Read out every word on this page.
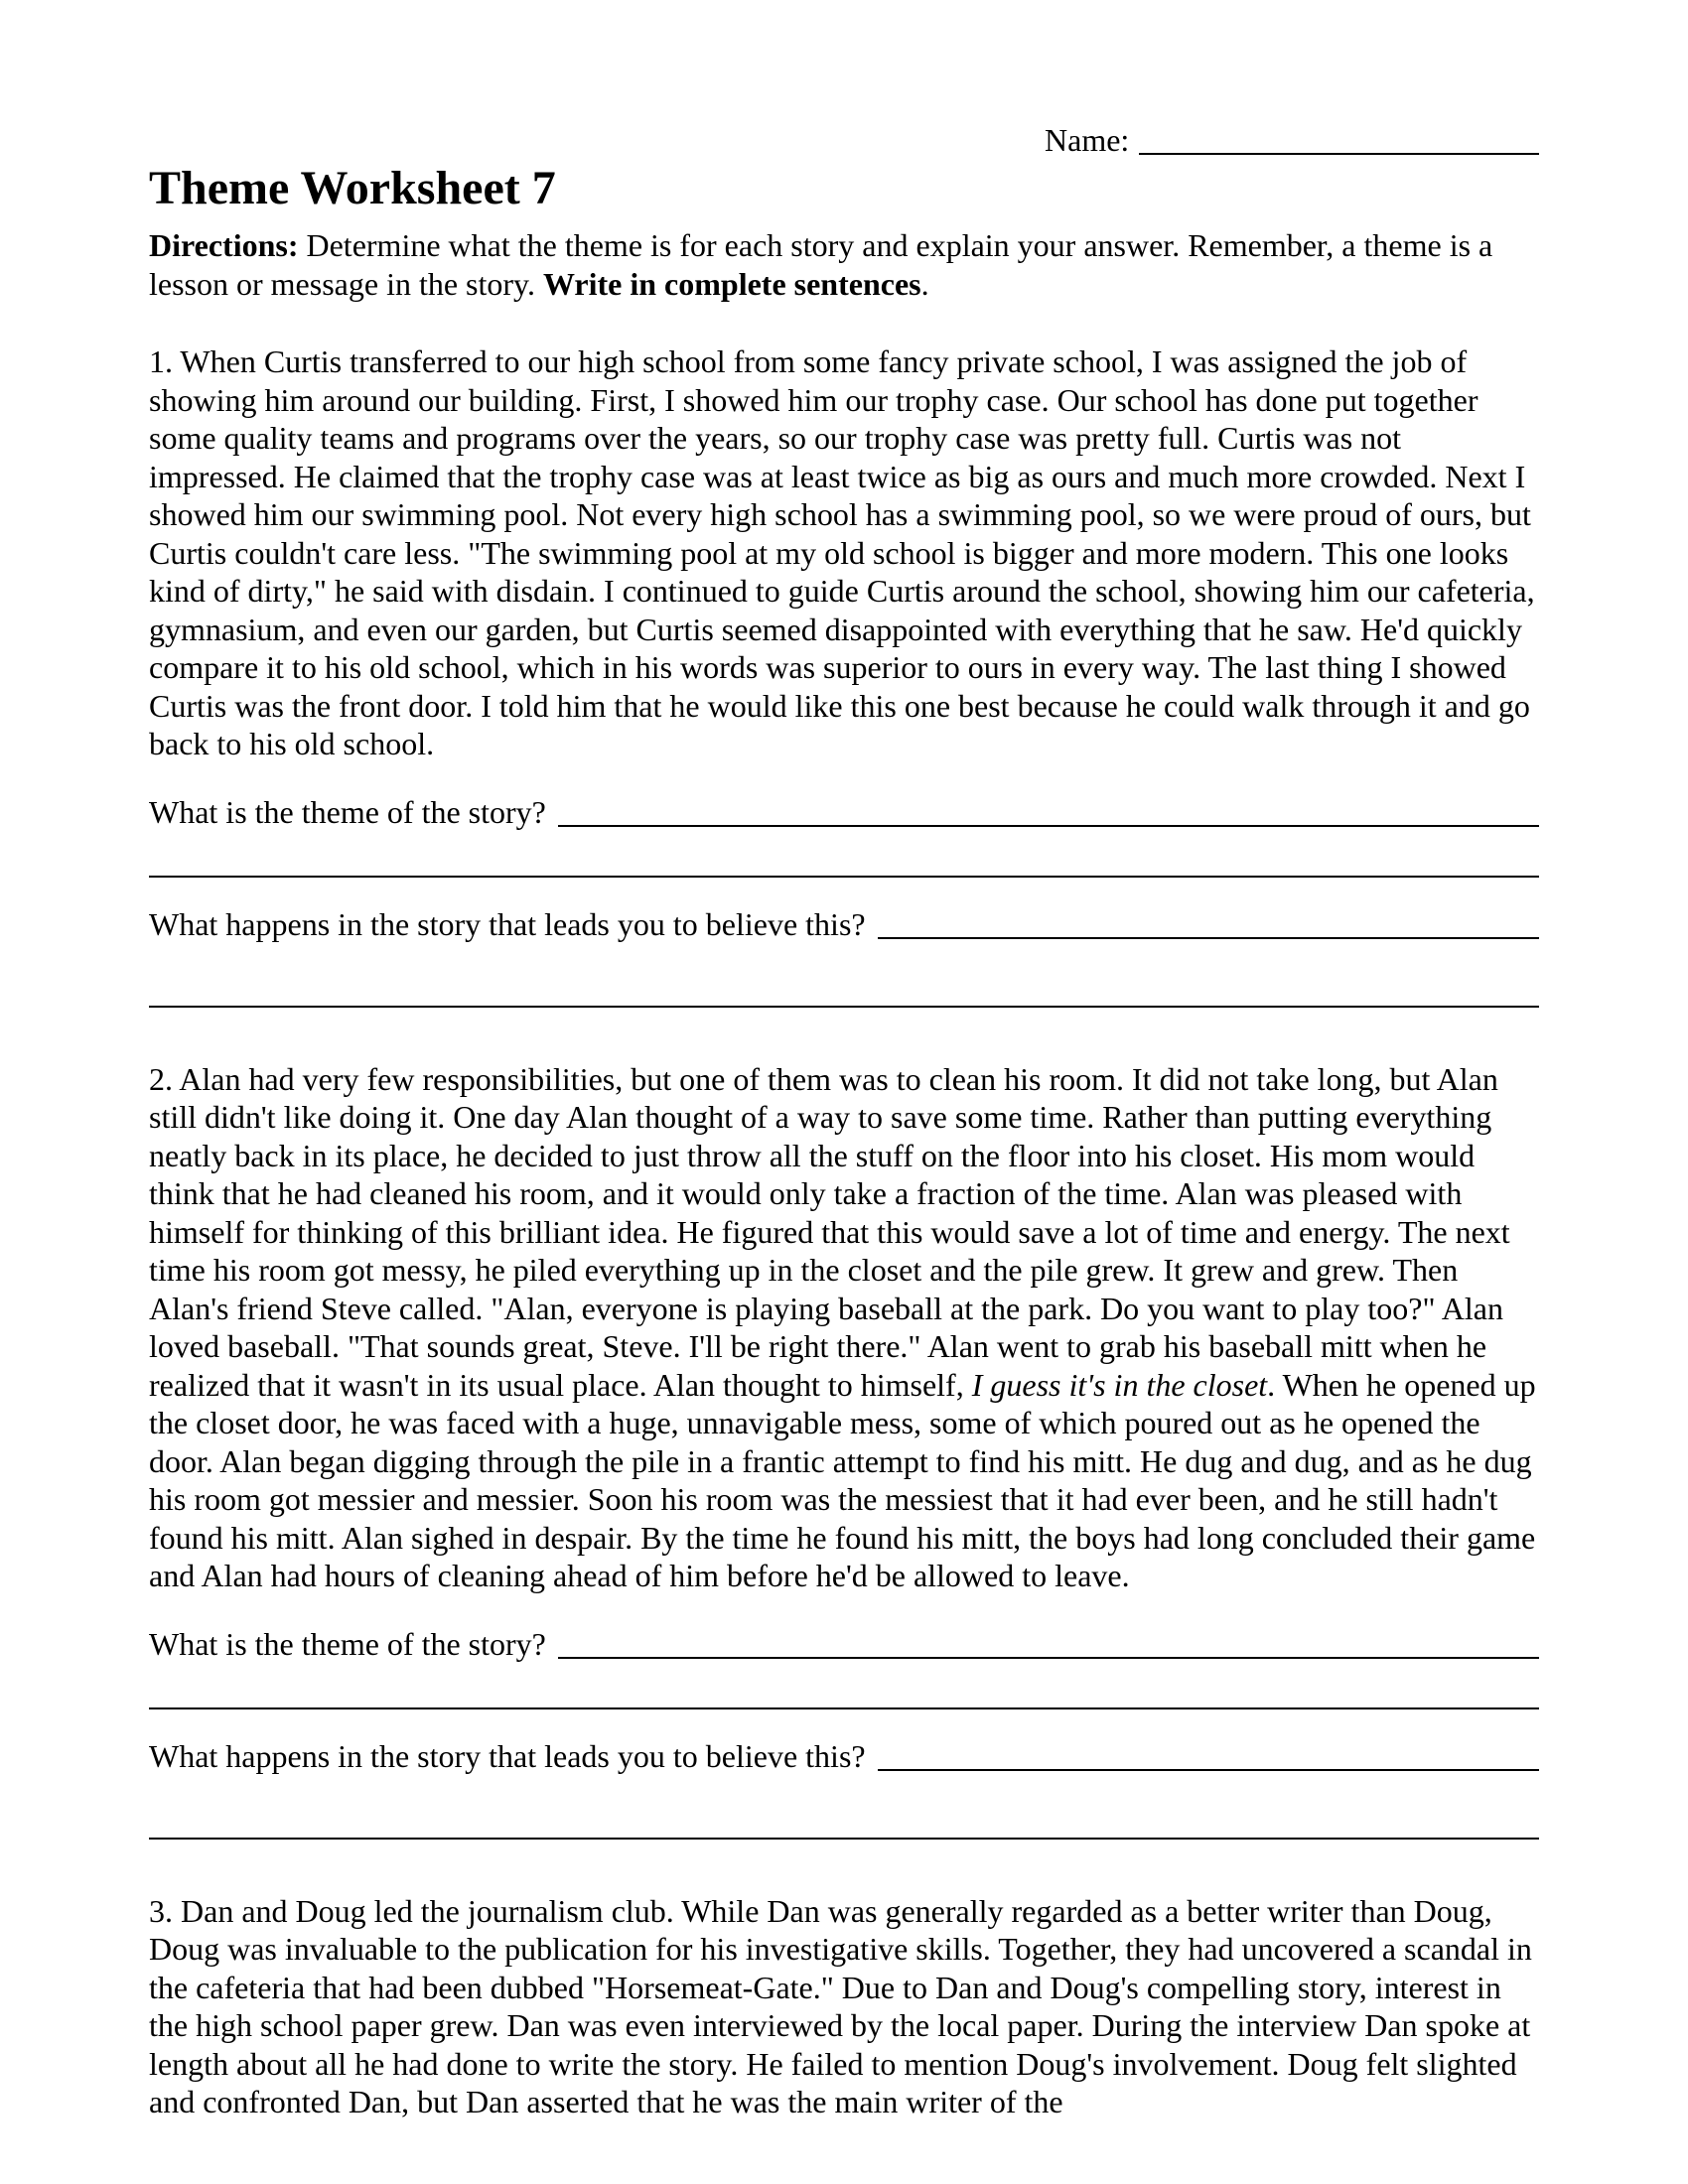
Name:
Theme Worksheet 7
Directions: Determine what the theme is for each story and explain your answer. Remember, a theme is a lesson or message in the story. Write in complete sentences.
1. When Curtis transferred to our high school from some fancy private school, I was assigned the job of showing him around our building. First, I showed him our trophy case. Our school has done put together some quality teams and programs over the years, so our trophy case was pretty full. Curtis was not impressed. He claimed that the trophy case was at least twice as big as ours and much more crowded. Next I showed him our swimming pool. Not every high school has a swimming pool, so we were proud of ours, but Curtis couldn't care less. "The swimming pool at my old school is bigger and more modern. This one looks kind of dirty," he said with disdain. I continued to guide Curtis around the school, showing him our cafeteria, gymnasium, and even our garden, but Curtis seemed disappointed with everything that he saw. He'd quickly compare it to his old school, which in his words was superior to ours in every way. The last thing I showed Curtis was the front door. I told him that he would like this one best because he could walk through it and go back to his old school.
What is the theme of the story?
What happens in the story that leads you to believe this?
2. Alan had very few responsibilities, but one of them was to clean his room. It did not take long, but Alan still didn't like doing it. One day Alan thought of a way to save some time. Rather than putting everything neatly back in its place, he decided to just throw all the stuff on the floor into his closet. His mom would think that he had cleaned his room, and it would only take a fraction of the time. Alan was pleased with himself for thinking of this brilliant idea. He figured that this would save a lot of time and energy. The next time his room got messy, he piled everything up in the closet and the pile grew. It grew and grew. Then Alan's friend Steve called. "Alan, everyone is playing baseball at the park. Do you want to play too?" Alan loved baseball. "That sounds great, Steve. I'll be right there." Alan went to grab his baseball mitt when he realized that it wasn't in its usual place. Alan thought to himself, I guess it's in the closet. When he opened up the closet door, he was faced with a huge, unnavigable mess, some of which poured out as he opened the door. Alan began digging through the pile in a frantic attempt to find his mitt. He dug and dug, and as he dug his room got messier and messier. Soon his room was the messiest that it had ever been, and he still hadn't found his mitt. Alan sighed in despair. By the time he found his mitt, the boys had long concluded their game and Alan had hours of cleaning ahead of him before he'd be allowed to leave.
What is the theme of the story?
What happens in the story that leads you to believe this?
3. Dan and Doug led the journalism club. While Dan was generally regarded as a better writer than Doug, Doug was invaluable to the publication for his investigative skills. Together, they had uncovered a scandal in the cafeteria that had been dubbed "Horsemeat-Gate." Due to Dan and Doug's compelling story, interest in the high school paper grew. Dan was even interviewed by the local paper. During the interview Dan spoke at length about all he had done to write the story. He failed to mention Doug's involvement. Doug felt slighted and confronted Dan, but Dan asserted that he was the main writer of the
